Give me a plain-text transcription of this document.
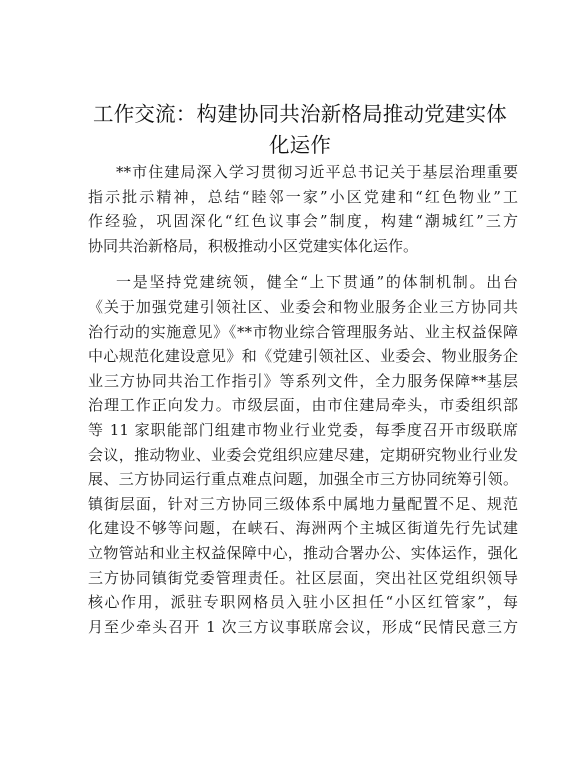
工作交流：构建协同共治新格局推动党建实体
化运作
**市住建局深入学习贯彻习近平总书记关于基层治理重要
指示批示精神，总结“睦邻一家”小区党建和“红色物业”工
作经验，巩固深化“红色议事会”制度，构建“潮城红”三方
协同共治新格局，积极推动小区党建实体化运作。
一是坚持党建统领，健全“上下贯通”的体制机制。出台
《关于加强党建引领社区、业委会和物业服务企业三方协同共
治行动的实施意见》《**市物业综合管理服务站、业主权益保障
中心规范化建设意见》和《党建引领社区、业委会、物业服务企
业三方协同共治工作指引》等系列文件，全力服务保障**基层
治理工作正向发力。市级层面，由市住建局牵头，市委组织部
等 11 家职能部门组建市物业行业党委，每季度召开市级联席
会议，推动物业、业委会党组织应建尽建，定期研究物业行业发
展、三方协同运行重点难点问题，加强全市三方协同统筹引领。
镇街层面，针对三方协同三级体系中属地力量配置不足、规范
化建设不够等问题，在峡石、海洲两个主城区街道先行先试建
立物管站和业主权益保障中心，推动合署办公、实体运作，强化
三方协同镇街党委管理责任。社区层面，突出社区党组织领导
核心作用，派驻专职网格员入驻小区担任“小区红管家”，每
月至少牵头召开 1 次三方议事联席会议，形成“民情民意三方
